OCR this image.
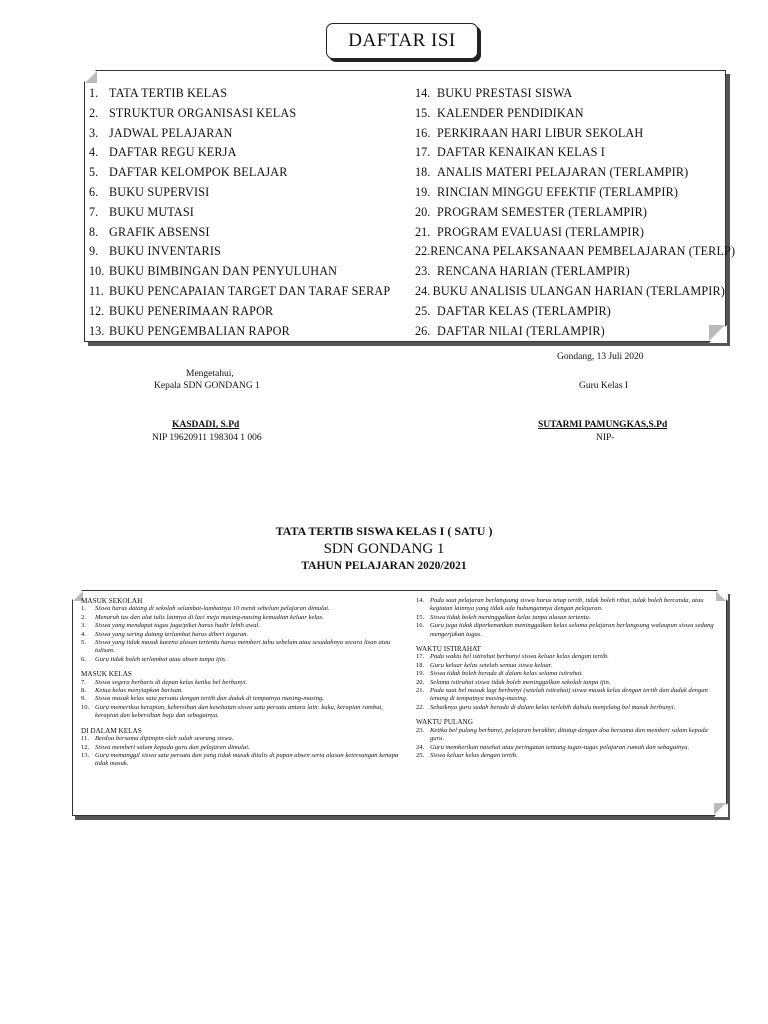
DAFTAR ISI
1. TATA TERTIB KELAS
2. STRUKTUR ORGANISASI KELAS
3. JADWAL PELAJARAN
4. DAFTAR REGU KERJA
5. DAFTAR KELOMPOK BELAJAR
6. BUKU SUPERVISI
7. BUKU MUTASI
8. GRAFIK ABSENSI
9. BUKU INVENTARIS
10. BUKU BIMBINGAN DAN PENYULUHAN
11. BUKU PENCAPAIAN TARGET DAN TARAF SERAP
12. BUKU PENERIMAAN RAPOR
13. BUKU PENGEMBALIAN RAPOR
14. BUKU PRESTASI SISWA
15. KALENDER PENDIDIKAN
16. PERKIRAAN HARI LIBUR SEKOLAH
17. DAFTAR KENAIKAN KELAS I
18. ANALIS MATERI PELAJARAN (TERLAMPIR)
19. RINCIAN MINGGU EFEKTIF (TERLAMPIR)
20. PROGRAM SEMESTER (TERLAMPIR)
21. PROGRAM EVALUASI (TERLAMPIR)
22. RENCANA PELAKSANAAN PEMBELAJARAN (TERLP)
23. RENCANA HARIAN (TERLAMPIR)
24. BUKU ANALISIS ULANGAN HARIAN (TERLAMPIR)
25. DAFTAR KELAS (TERLAMPIR)
26. DAFTAR NILAI (TERLAMPIR)
Gondang, 13 Juli 2020
Mengetahui,
Kepala SDN GONDANG 1	Guru Kelas I
KASDADI, S.Pd	SUTARMI PAMUNGKAS,S.Pd
NIP 19620911 198304 1 006	NIP-
TATA TERTIB SISWA KELAS I ( SATU )
SDN GONDANG 1
TAHUN PELAJARAN 2020/2021
MASUK SEKOLAH
1.	Siswa harus datang di sekolah selambat-lambatnya 10 menit sebelum pelajaran dimulai.
2.	Menaruh tas dan alat tulis lainnya di laci meja masing-masing kemudian keluar kelas.
3.	Siswa yang mendapat tugas jaga/piket harus hadir lebih awal.
4.	Siswa yang sering datang terlambat harus diberi teguran.
5.	Siswa yang tidak masuk karena alasan tertentu harus memberi tahu sebelum atau sesudahnya secara lisan atau tulisan.
6.	Guru tidak boleh terlambat atau absen tanpa ijin.
MASUK KELAS
7.	Siswa segera berbaris di depan kelas ketika bel berbunyi.
8.	Ketua kelas menyiapkan barisan.
9.	Siswa masuk kelas satu persatu dengan tertib dan duduk di tempatnya masing-masing.
10. Guru memeriksa kerapian, kebersihan dan kesehatan siswa satu persatu antara lain: kuku, kerapian rambut, kerapian dan kebersihan baju dan sebagainya.
DI DALAM KELAS
11. Berdoa bersama dipimpin oleh salah seorang siswa.
12. Siswa memberi salam kepada guru dan pelajaran dimulai.
13. Guru memanggil siswa satu persatu dan yang tidak masuk ditulis di papan absen serta alasan ketersangan kenapa tidak masuk.
14. Pada saat pelajaran berlangsung siswa harus tetap tertib, tidak boleh ribut, tidak boleh bercanda, atau kegiatan lainnya yang tidak ada hubungannya dengan pelajaran.
15. Siswa tidak boleh meninggalkan kelas tanpa alasan tertentu.
16. Guru juga tidak diperkenankan meninggalkan kelas selama pelajaran berlangsung walaupun siswa sedang mengerjakan tugas.
WAKTU ISTIRAHAT
17. Pada waktu bel istirahat berbunyi siswa keluar kelas dengan tertib.
18. Guru keluar kelas setelah semua siswa keluar.
19. Siswa tidak boleh berada di dalam kelas selama istirahat.
20. Selama istirahat siswa tidak boleh meninggalkan sekolah tanpa ijin.
21. Pada saat bel masuk lagi berbunyi (setelah istirahat) siswa masuk kelas dengan tertib dan duduk dengan tenang di tempatnya masing-masing.
22. Sebaiknya guru sudah berada di dalam kelas terlebih dahulu menjelang bel masuk berbunyi.
WAKTU PULANG
23. Ketika bel pulang berbunyi, pelajaran berakhir, ditutup dengan doa bersama dan memberi salam kepada guru.
24. Guru memberikan nasehat atau peringatan tentang tugas-tugas pelajaran rumah dan sebagainya.
25. Siswa keluar kelas dengan tertib.
